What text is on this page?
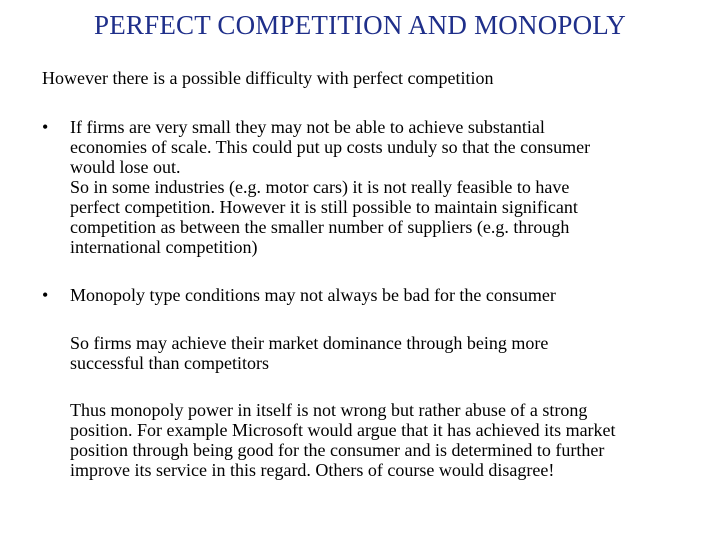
PERFECT COMPETITION AND MONOPOLY
However there is a possible difficulty with perfect competition
•	If firms are very small they may not be able to achieve substantial
economies of scale. This could put up costs unduly so that the consumer
would lose out.
So in some industries (e.g. motor cars) it is not really feasible to have
perfect competition. However it is still possible to maintain significant
competition as between the smaller number of suppliers (e.g. through
international competition)
•	Monopoly type conditions may not always be bad for the consumer

So firms may achieve their market dominance through being more
successful than competitors

Thus monopoly power in itself is not wrong but rather abuse of a strong
position. For example Microsoft would argue that it has achieved its market
position through being good for the consumer and is determined to further
improve its service in this regard. Others of course would disagree!
